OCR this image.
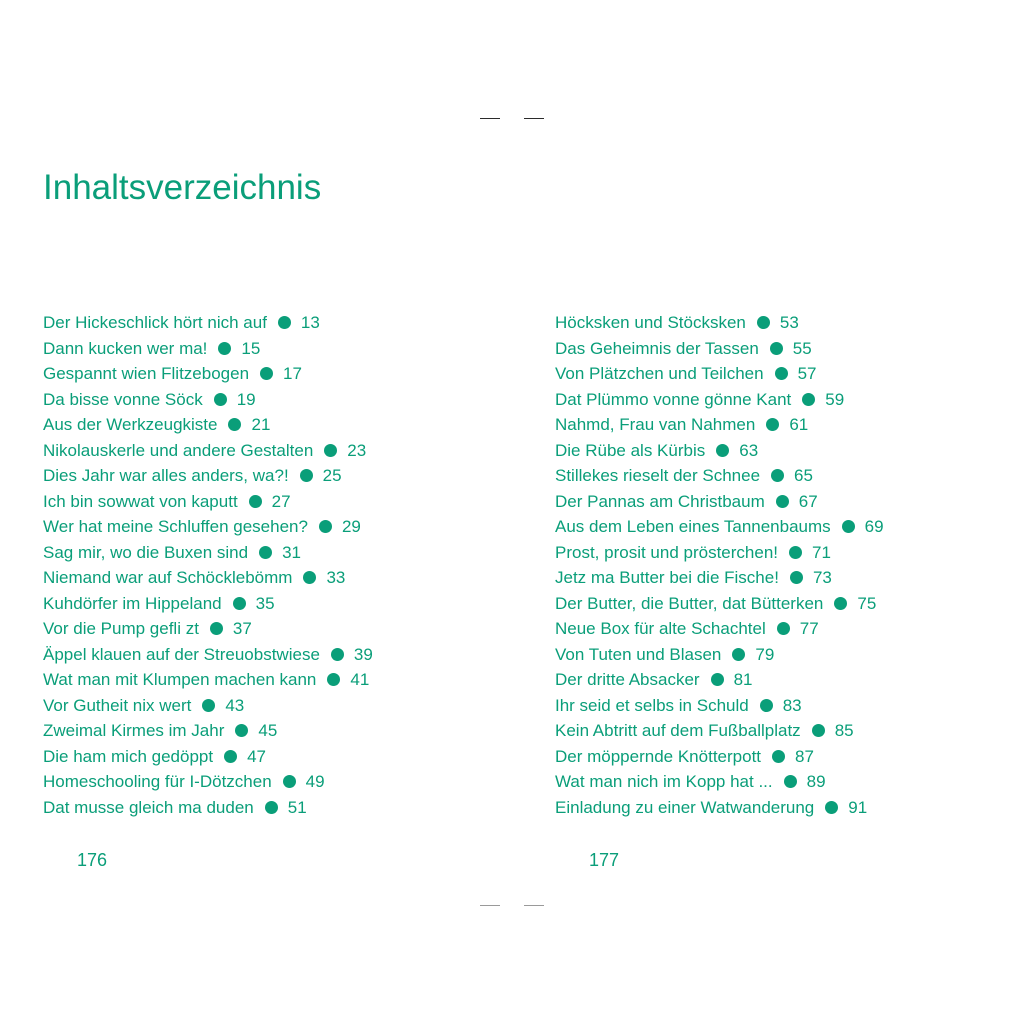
Inhaltsverzeichnis
Der Hickeschlick hört nich auf 13
Dann kucken wer ma! 15
Gespannt wien Flitzebogen 17
Da bisse vonne Söck 19
Aus der Werkzeugkiste 21
Nikolauskerle und andere Gestalten 23
Dies Jahr war alles anders, wa?! 25
Ich bin sowwat von kaputt 27
Wer hat meine Schluffen gesehen? 29
Sag mir, wo die Buxen sind 31
Niemand war auf Schöcklebömm 33
Kuhdörfer im Hippeland 35
Vor die Pump gefli zt 37
Äppel klauen auf der Streuobstwiese 39
Wat man mit Klumpen machen kann 41
Vor Gutheit nix wert 43
Zweimal Kirmes im Jahr 45
Die ham mich gedöppt 47
Homeschooling für I-Dötzchen 49
Dat musse gleich ma duden 51
Höcksken und Stöcksken 53
Das Geheimnis der Tassen 55
Von Plätzchen und Teilchen 57
Dat Plümmo vonne gönne Kant 59
Nahmd, Frau van Nahmen 61
Die Rübe als Kürbis 63
Stillekes rieselt der Schnee 65
Der Pannas am Christbaum 67
Aus dem Leben eines Tannenbaums 69
Prost, prosit und prösterchen! 71
Jetz ma Butter bei die Fische! 73
Der Butter, die Butter, dat Bütterken 75
Neue Box für alte Schachtel 77
Von Tuten und Blasen 79
Der dritte Absacker 81
Ihr seid et selbs in Schuld 83
Kein Abtritt auf dem Fußballplatz 85
Der möppernde Knötterpott 87
Wat man nich im Kopp hat ... 89
Einladung zu einer Watwanderung 91
176	177
